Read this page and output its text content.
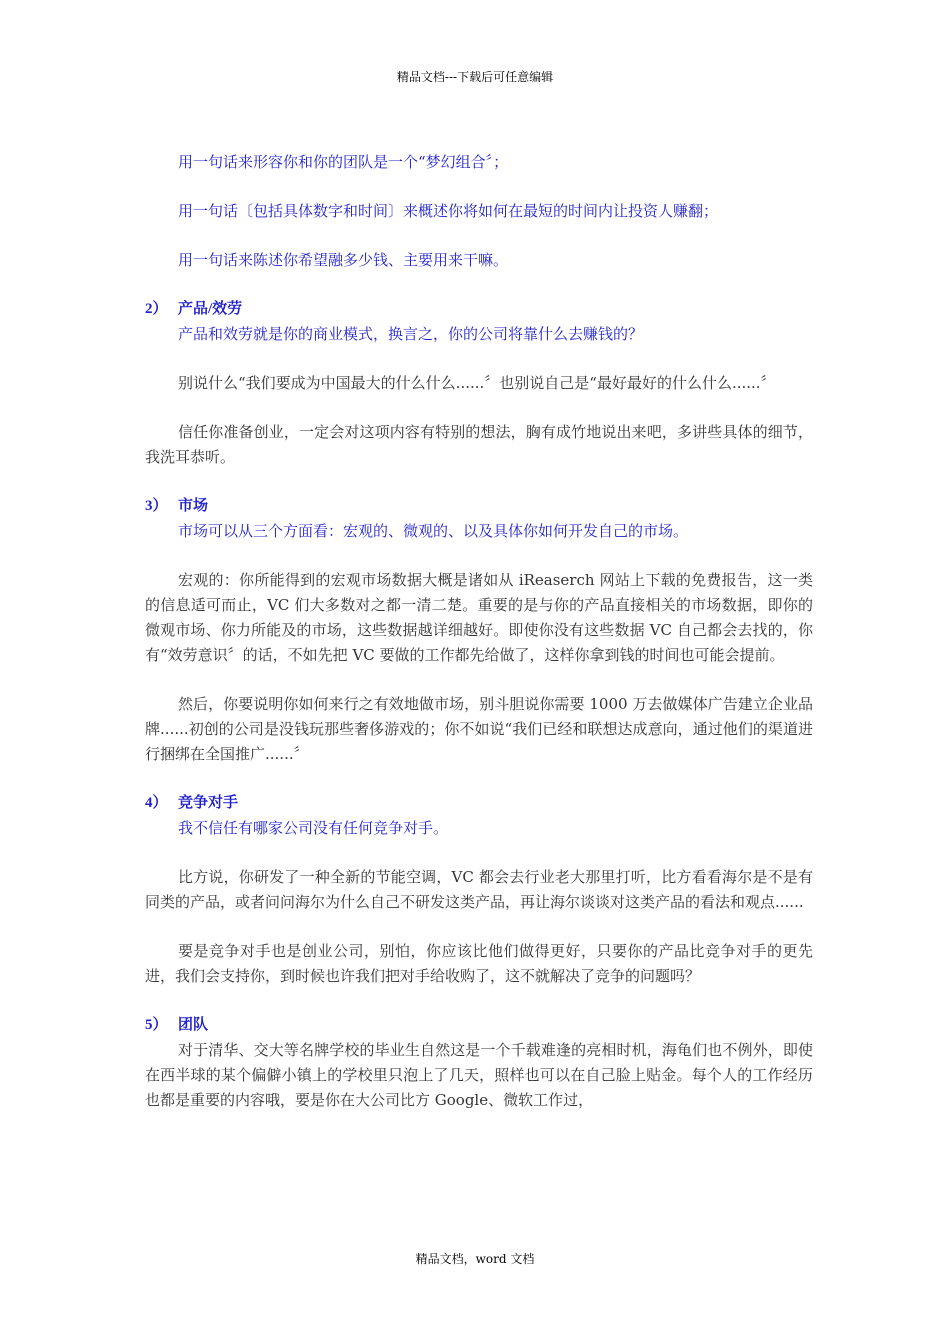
精品文档---下载后可任意编辑

用一句话来形容你和你的团队是一个“梦幻组合〞；

用一句话〔包括具体数字和时间〕来概述你将如何在最短的时间内让投资人赚翻；

用一句话来陈述你希望融多少钱、主要用来干嘛。

2） 产品/效劳

产品和效劳就是你的商业模式，换言之，你的公司将靠什么去赚钱的？

别说什么“我们要成为中国最大的什么什么......〞也别说自己是“最好最好的什么什么......〞

信任你准备创业，一定会对这项内容有特别的想法，胸有成竹地说出来吧，多讲些具体的细节，我洗耳恭听。

3） 市场

市场可以从三个方面看：宏观的、微观的、以及具体你如何开发自己的市场。

宏观的：你所能得到的宏观市场数据大概是诸如从 iReaserch 网站上下载的免费报告，这一类的信息适可而止，VC 们大多数对之都一清二楚。重要的是与你的产品直接相关的市场数据，即你的微观市场、你力所能及的市场，这些数据越详细越好。即使你没有这些数据 VC 自己都会去找的，你有“效劳意识〞的话，不如先把 VC 要做的工作都先给做了，这样你拿到钱的时间也可能会提前。

然后，你要说明你如何来行之有效地做市场，别斗胆说你需要 1000 万去做媒体广告建立企业品牌......初创的公司是没钱玩那些奢侈游戏的；你不如说“我们已经和联想达成意向，通过他们的渠道进行捆绑在全国推广......〞

4） 竞争对手

我不信任有哪家公司没有任何竞争对手。

比方说，你研发了一种全新的节能空调，VC 都会去行业老大那里打听，比方看看海尔是不是有同类的产品，或者问问海尔为什么自己不研发这类产品，再让海尔谈谈对这类产品的看法和观点......

要是竞争对手也是创业公司，别怕，你应该比他们做得更好，只要你的产品比竞争对手的更先进，我们会支持你，到时候也许我们把对手给收购了，这不就解决了竞争的问题吗？

5） 团队

对于清华、交大等名牌学校的毕业生自然这是一个千载难逢的亮相时机，海龟们也不例外，即使在西半球的某个偏僻小镇上的学校里只泡上了几天，照样也可以在自己脸上贴金。每个人的工作经历也都是重要的内容哦，要是你在大公司比方 Google、微软工作过，

精品文档，word 文档
